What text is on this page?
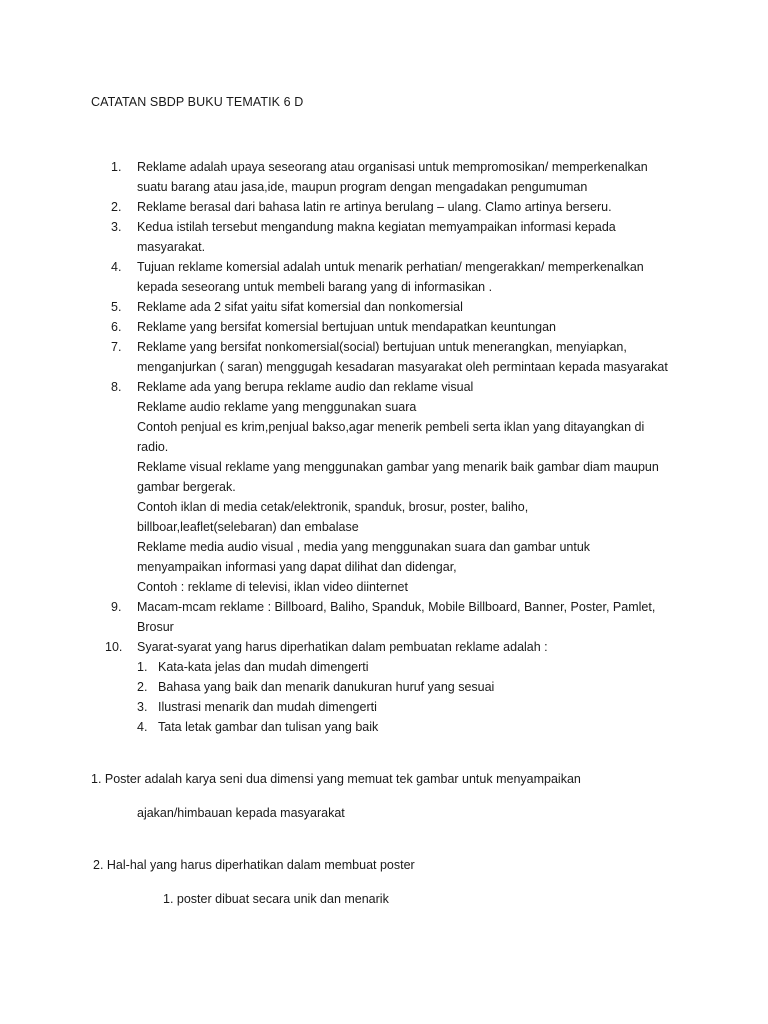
CATATAN SBDP BUKU TEMATIK 6 D
1.	Reklame adalah upaya seseorang atau organisasi untuk mempromosikan/ memperkenalkan
suatu barang atau jasa,ide, maupun program dengan mengadakan pengumuman
2.	Reklame berasal dari bahasa latin re artinya berulang – ulang. Clamo artinya berseru.
3.	Kedua istilah tersebut mengandung makna kegiatan memyampaikan informasi kepada
masyarakat.
4.	Tujuan reklame komersial adalah untuk menarik perhatian/ mengerakkan/ memperkenalkan
kepada seseorang untuk membeli barang yang di informasikan .
5.	Reklame ada 2 sifat yaitu sifat komersial dan nonkomersial
6.	Reklame yang bersifat komersial bertujuan untuk mendapatkan keuntungan
7.	Reklame yang bersifat nonkomersial(social) bertujuan untuk menerangkan, menyiapkan,
menganjurkan ( saran) menggugah kesadaran masyarakat oleh permintaan kepada masyarakat
8.	Reklame ada yang berupa reklame audio dan reklame visual
Reklame audio reklame yang menggunakan suara
Contoh penjual es krim,penjual bakso,agar menerik pembeli serta iklan yang ditayangkan di
radio.
Reklame visual reklame yang menggunakan gambar yang menarik baik gambar diam maupun
gambar bergerak.
Contoh iklan di media cetak/elektronik, spanduk, brosur, poster, baliho,
billboar,leaflet(selebaran) dan embalase
Reklame media audio visual , media yang menggunakan suara dan gambar untuk
menyampaikan informasi yang dapat dilihat dan didengar,
Contoh : reklame di televisi, iklan video diinternet
9.	Macam-mcam reklame : Billboard, Baliho, Spanduk, Mobile Billboard, Banner, Poster, Pamlet,
Brosur
10.	Syarat-syarat yang harus diperhatikan dalam pembuatan reklame adalah :
1. Kata-kata jelas dan mudah dimengerti
2. Bahasa yang baik dan menarik danukuran huruf yang sesuai
3. Ilustrasi menarik dan mudah dimengerti
4. Tata letak gambar dan tulisan yang baik
1. Poster adalah karya seni dua dimensi yang memuat tek gambar untuk menyampaikan
ajakan/himbauan kepada masyarakat
2. Hal-hal yang harus diperhatikan dalam membuat poster
1. poster dibuat secara unik dan menarik
